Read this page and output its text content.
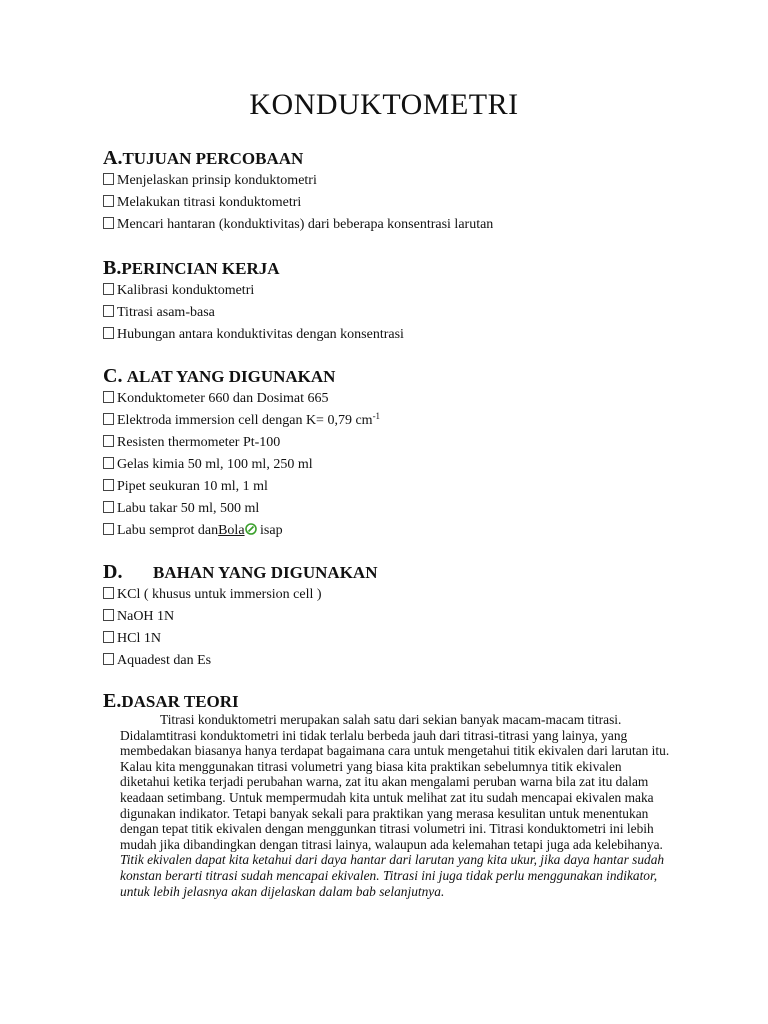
KONDUKTOMETRI
A.TUJUAN PERCOBAAN
Menjelaskan prinsip konduktometri
Melakukan titrasi konduktometri
Mencari hantaran (konduktivitas) dari beberapa konsentrasi larutan
B.PERINCIAN KERJA
Kalibrasi konduktometri
Titrasi asam-basa
Hubungan antara konduktivitas dengan konsentrasi
C. ALAT YANG DIGUNAKAN
Konduktometer 660 dan Dosimat 665
Elektroda immersion cell dengan K= 0,79 $cm^{-1}$
Resisten thermometer Pt-100
Gelas kimia 50 ml, 100 ml, 250 ml
Pipet seukuran 10 ml, 1 ml
Labu takar 50 ml, 500 ml
Labu semprot danBola isap
D. BAHAN YANG DIGUNAKAN
KCl ( khusus untuk immersion cell )
NaOH 1N
HCl 1N
Aquadest dan Es
E.DASAR TEORI

Titrasi konduktometri merupakan salah satu dari sekian banyak macam-macam titrasi. Didalamtitrasi konduktometri ini tidak terlalu berbeda jauh dari titrasi-titrasi yang lainya, yang membedakan biasanya hanya terdapat bagaimana cara untuk mengetahui titik ekivalen dari larutan itu. Kalau kita menggunakan titrasi volumetri yang biasa kita praktikan sebelumnya titik ekivalen diketahui ketika terjadi perubahan warna, zat itu akan mengalami peruban warna bila zat itu dalam keadaan setimbang. Untuk mempermudah kita untuk melihat zat itu sudah mencapai ekivalen maka digunakan indikator. Tetapi banyak sekali para praktikan yang merasa kesulitan untuk menentukan dengan tepat titik ekivalen dengan menggunkan titrasi volumetri ini. Titrasi konduktometri ini lebih mudah jika dibandingkan dengan titrasi lainya, walaupun ada kelemahan tetapi juga ada kelebihanya. Titik ekivalen dapat kita ketahui dari daya hantar dari larutan yang kita ukur, jika daya hantar sudah konstan berarti titrasi sudah mencapai ekivalen. Titrasi ini juga tidak perlu menggunakan indikator, untuk lebih jelasnya akan dijelaskan dalam bab selanjutnya.
